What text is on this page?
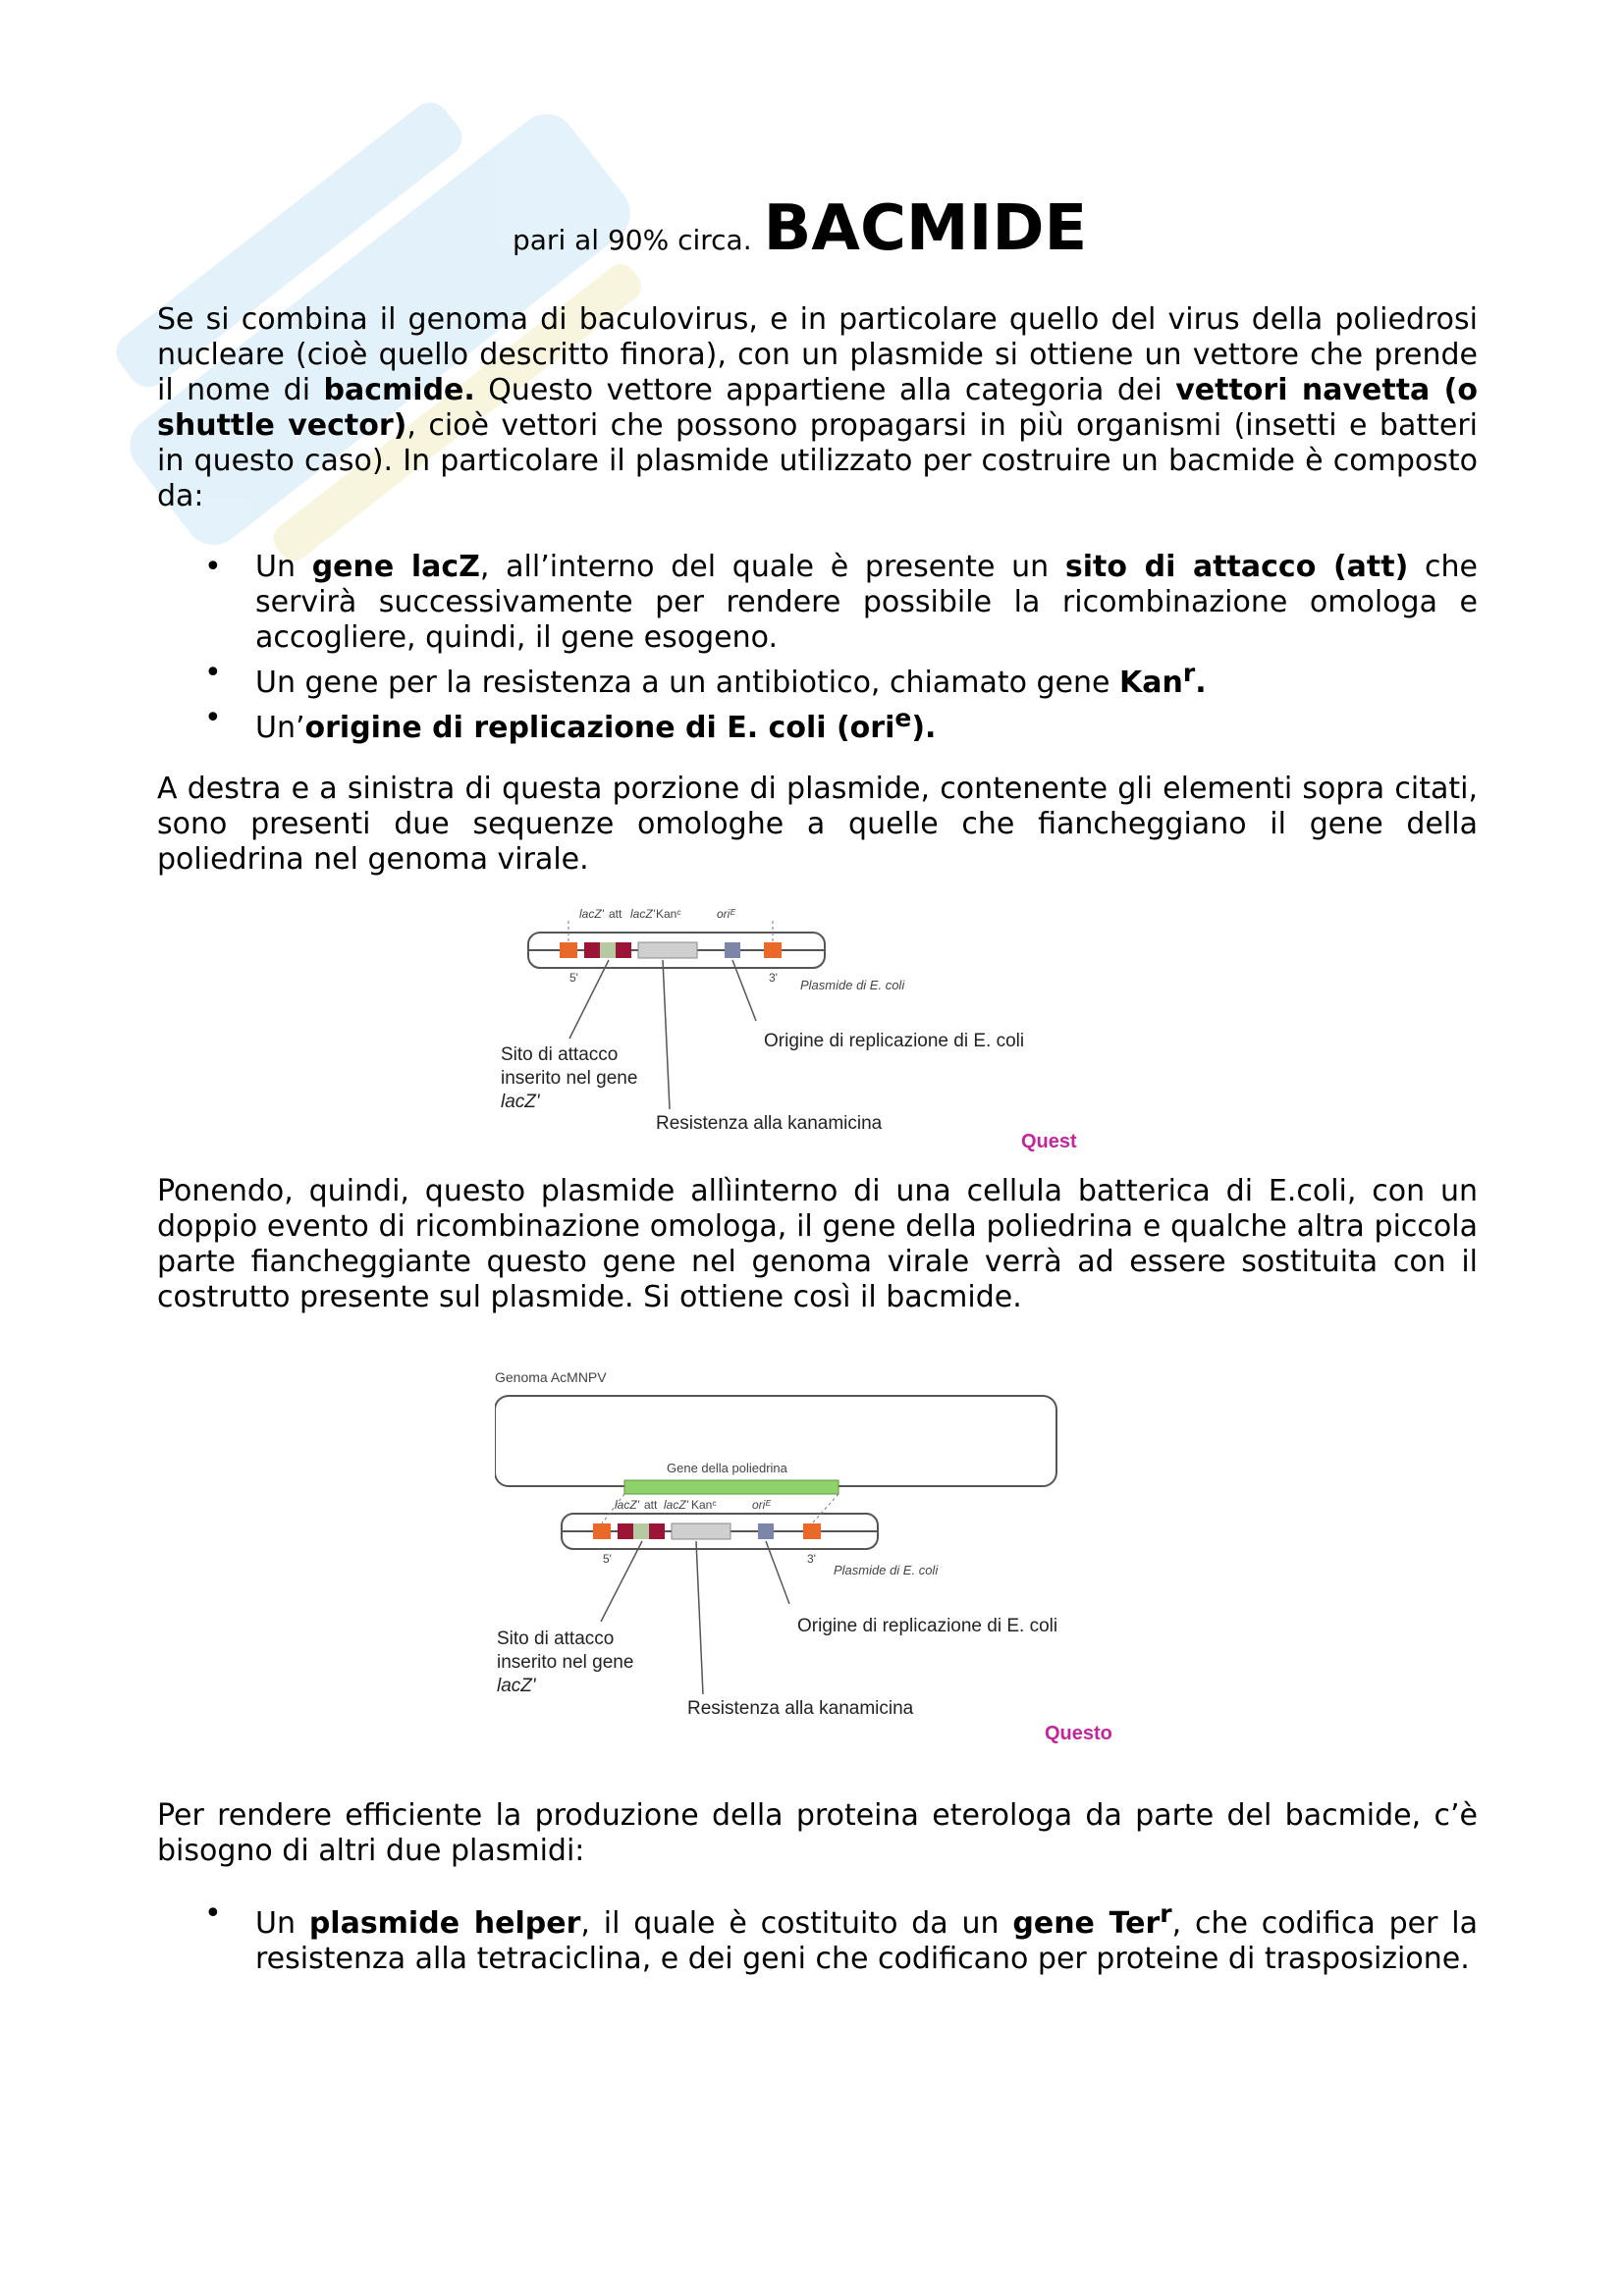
pari al 90% circa. BACMIDE

Se si combina il genoma di baculovirus, e in particolare quello del virus della poliedrosi nucleare (cioè quello descritto finora), con un plasmide si ottiene un vettore che prende il nome di bacmide. Questo vettore appartiene alla categoria dei vettori navetta (o shuttle vector), cioè vettori che possono propagarsi in più organismi (insetti e batteri in questo caso). In particolare il plasmide utilizzato per costruire un bacmide è composto da:

• Un gene lacZ, all’interno del quale è presente un sito di attacco (att) che servirà successivamente per rendere possibile la ricombinazione omologa e accogliere, quindi, il gene esogeno.
• Un gene per la resistenza a un antibiotico, chiamato gene Kan$^r$.
• Un’origine di replicazione di E. coli (ori$^e$).

A destra e a sinistra di questa porzione di plasmide, contenente gli elementi sopra citati, sono presenti due sequenze omologhe a quelle che fiancheggiano il gene della poliedrina nel genoma virale.

lacZ' att lacZ' Kanᶜ	oriᴱ
5'	3' Plasmide di E. coli
Sito di attacco
inserito nel gene
lacZ'
Origine di replicazione di E. coli
Resistenza alla kanamicina
Quest

Ponendo, quindi, questo plasmide allìinterno di una cellula batterica di E.coli, con un doppio evento di ricombinazione omologa, il gene della poliedrina e qualche altra piccola parte fiancheggiante questo gene nel genoma virale verrà ad essere sostituita con il costrutto presente sul plasmide. Si ottiene così il bacmide.

Genoma AcMNPV
Gene della poliedrina
lacZ' att lacZ' Kanᶜ	oriᴱ
5'	3'
Plasmide di E. coli
Sito di attacco
inserito nel gene
lacZ'
Origine di replicazione di E. coli
Resistenza alla kanamicina
Questo

Per rendere efficiente la produzione della proteina eterologa da parte del bacmide, c’è bisogno di altri due plasmidi:

• Un plasmide helper, il quale è costituito da un gene Ter$^r$, che codifica per la resistenza alla tetraciclina, e dei geni che codificano per proteine di trasposizione.
